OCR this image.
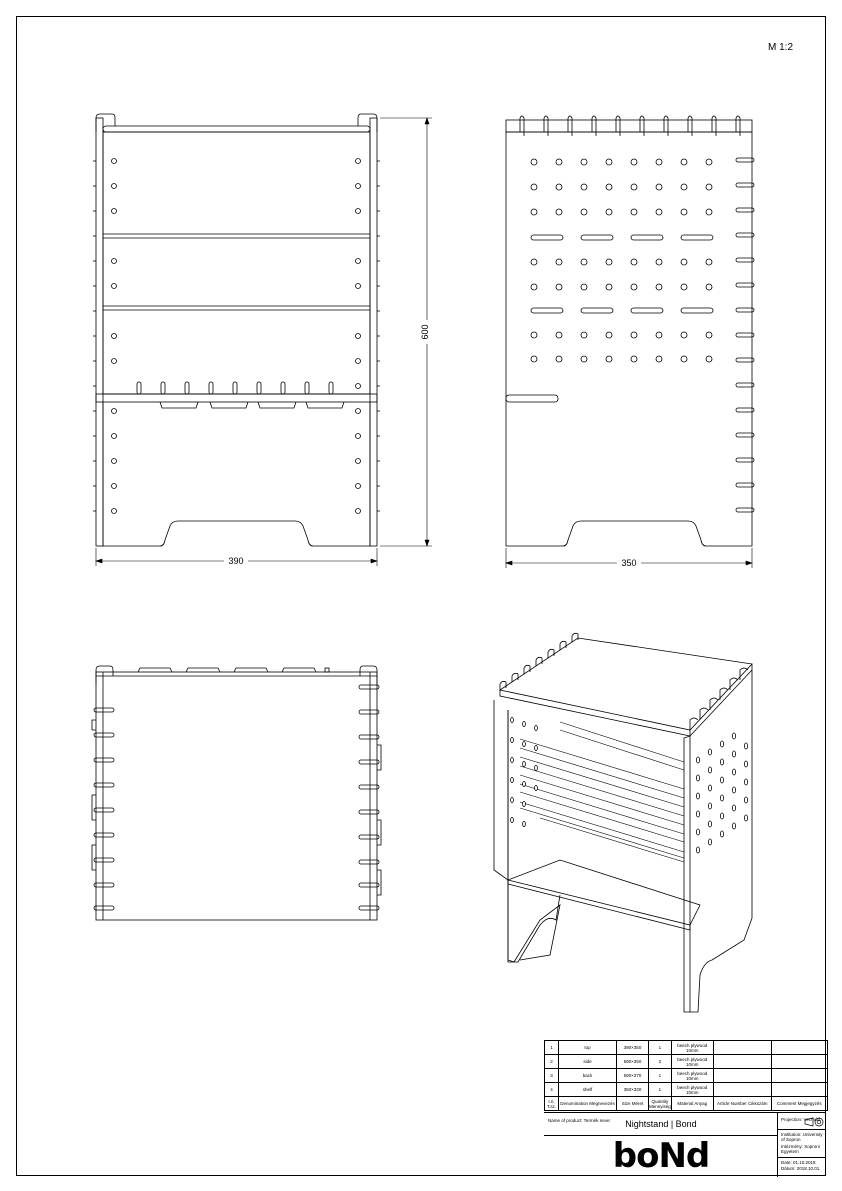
M 1:2
390
600
350
1	top	390×350	1	beech plywood 10mm		
2	side	590×350	2	beech plywood 10mm		
3	back	590×370	1	beech plywood 10mm		
4	shelf	350×330	1	beech plywood 10mm		
I.n. T.sz.	Denomination Megnevezés	Size Méret	Quantity Mennyiség	Material Anyag	Article Number Cikkszám	Comment Megjegyzés
Name of product: Termék neve:	Nightstand | Bond
boNd
Projection: Vet.mód:
Institution: University of Sopron
Intézmény: Soproni Egyetem
Date: 01.10.2018
Dátum: 2018.10.01.
